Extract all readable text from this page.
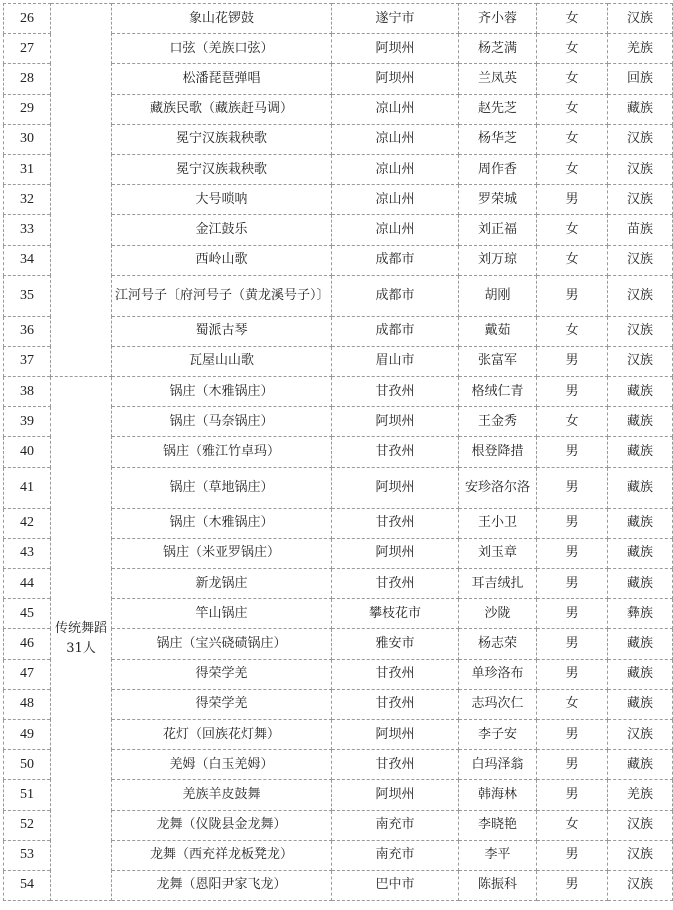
26		象山花锣鼓	遂宁市	齐小蓉	女	汉族
27		口弦（羌族口弦）	阿坝州	杨芝满	女	羌族
28		松潘琵琶弹唱	阿坝州	兰凤英	女	回族
29		藏族民歌（藏族赶马调）	凉山州	赵先芝	女	藏族
30		冕宁汉族栽秧歌	凉山州	杨华芝	女	汉族
31		冕宁汉族栽秧歌	凉山州	周作香	女	汉族
32		大号唢呐	凉山州	罗荣城	男	汉族
33		金江鼓乐	凉山州	刘正福	女	苗族
34		西岭山歌	成都市	刘万琼	女	汉族
35		江河号子〔府河号子（黄龙溪号子）〕	成都市	胡刚	男	汉族
36		蜀派古琴	成都市	戴茹	女	汉族
37		瓦屋山山歌	眉山市	张富军	男	汉族
38	传统舞蹈31人	锅庄（木雅锅庄）	甘孜州	格绒仁青	男	藏族
39		锅庄（马奈锅庄）	阿坝州	王金秀	女	藏族
40		锅庄（雅江竹卓玛）	甘孜州	根登降措	男	藏族
41		锅庄（草地锅庄）	阿坝州	安珍洛尔洛	男	藏族
42		锅庄（木雅锅庄）	甘孜州	王小卫	男	藏族
43		锅庄（米亚罗锅庄）	阿坝州	刘玉章	男	藏族
44		新龙锅庄	甘孜州	耳吉绒扎	男	藏族
45		竿山锅庄	攀枝花市	沙陇	男	彝族
46		锅庄（宝兴硗碛锅庄）	雅安市	杨志荣	男	藏族
47		得荣学羌	甘孜州	单珍洛布	男	藏族
48		得荣学羌	甘孜州	志玛次仁	女	藏族
49		花灯（回族花灯舞）	阿坝州	李子安	男	汉族
50		羌姆（白玉羌姆）	甘孜州	白玛泽翁	男	藏族
51		羌族羊皮鼓舞	阿坝州	韩海林	男	羌族
52		龙舞（仪陇县金龙舞）	南充市	李晓艳	女	汉族
53		龙舞（西充祥龙板凳龙）	南充市	李平	男	汉族
54		龙舞（恩阳尹家飞龙）	巴中市	陈振科	男	汉族
